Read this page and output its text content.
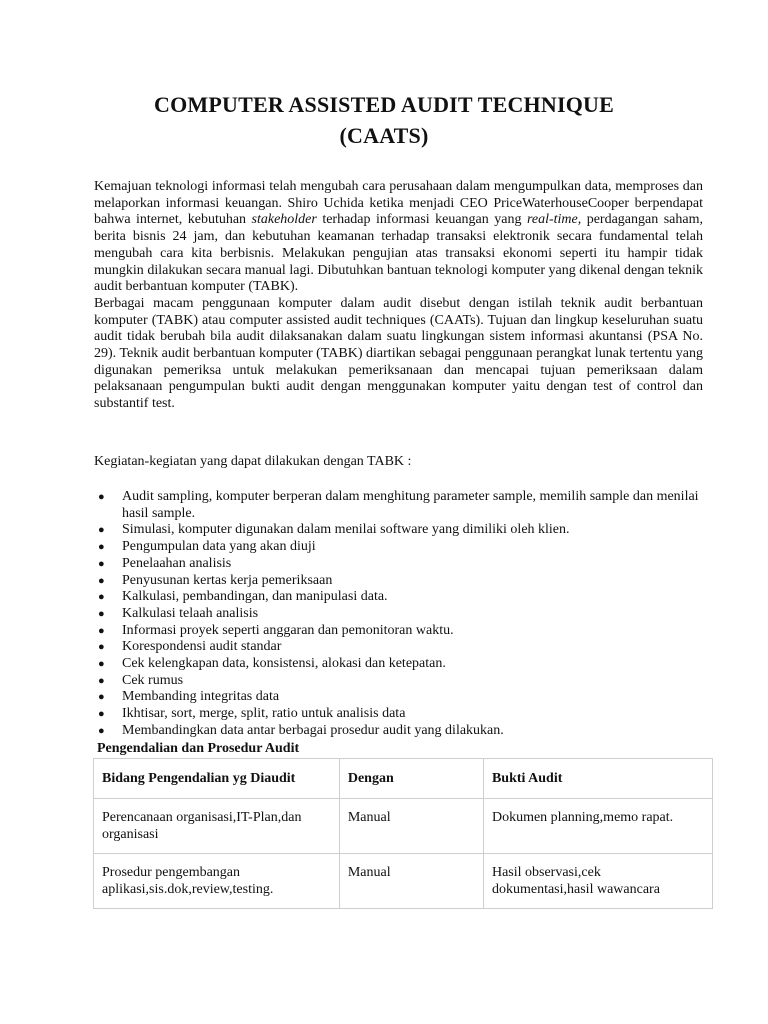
COMPUTER ASSISTED AUDIT TECHNIQUE
(CAATS)

Kemajuan teknologi informasi telah mengubah cara perusahaan dalam mengumpulkan data, memproses dan melaporkan informasi keuangan. Shiro Uchida ketika menjadi CEO PriceWaterhouseCooper berpendapat bahwa internet, kebutuhan stakeholder terhadap informasi keuangan yang real-time, perdagangan saham, berita bisnis 24 jam, dan kebutuhan keamanan terhadap transaksi elektronik secara fundamental telah mengubah cara kita berbisnis. Melakukan pengujian atas transaksi ekonomi seperti itu hampir tidak mungkin dilakukan secara manual lagi. Dibutuhkan bantuan teknologi komputer yang dikenal dengan teknik audit berbantuan komputer (TABK).

Berbagai macam penggunaan komputer dalam audit disebut dengan istilah teknik audit berbantuan komputer (TABK) atau computer assisted audit techniques (CAATs). Tujuan dan lingkup keseluruhan suatu audit tidak berubah bila audit dilaksanakan dalam suatu lingkungan sistem informasi akuntansi (PSA No. 29). Teknik audit berbantuan komputer (TABK) diartikan sebagai penggunaan perangkat lunak tertentu yang digunakan pemeriksa untuk melakukan pemeriksanaan dan mencapai tujuan pemeriksaan dalam pelaksanaan pengumpulan bukti audit dengan menggunakan komputer yaitu dengan test of control dan substantif test.

Kegiatan-kegiatan yang dapat dilakukan dengan TABK :

● Audit sampling, komputer berperan dalam menghitung parameter sample, memilih sample dan menilai hasil sample.
● Simulasi, komputer digunakan dalam menilai software yang dimiliki oleh klien.
● Pengumpulan data yang akan diuji
● Penelaahan analisis
● Penyusunan kertas kerja pemeriksaan
● Kalkulasi, pembandingan, dan manipulasi data.
● Kalkulasi telaah analisis
● Informasi proyek seperti anggaran dan pemonitoran waktu.
● Korespondensi audit standar
● Cek kelengkapan data, konsistensi, alokasi dan ketepatan.
● Cek rumus
● Membanding integritas data
● Ikhtisar, sort, merge, split, ratio untuk analisis data
● Membandingkan data antar berbagai prosedur audit yang dilakukan.

Pengendalian dan Prosedur Audit

Bidang Pengendalian yg Diaudit	Dengan	Bukti Audit
Perencanaan organisasi,IT-Plan,dan organisasi	Manual	Dokumen planning,memo rapat.
Prosedur pengembangan aplikasi,sis.dok,review,testing.	Manual	Hasil observasi,cek dokumentasi,hasil wawancara
